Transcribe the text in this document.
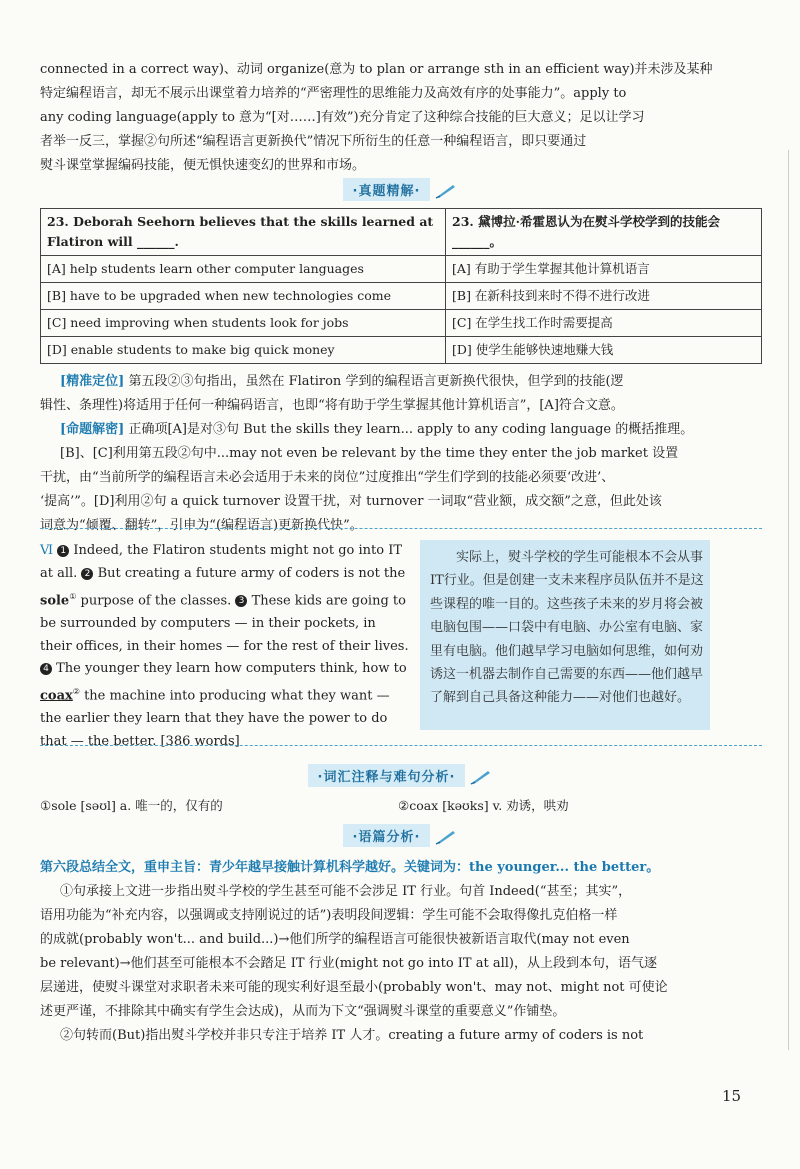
connected in a correct way)、动词 organize(意为 to plan or arrange sth in an efficient way)并未涉及某种

特定编程语言，却无不展示出课堂着力培养的“严密理性的思维能力及高效有序的处事能力”。apply to

any coding language(apply to 意为“[对……]有效”)充分肯定了这种综合技能的巨大意义；足以让学习

者举一反三，掌握②句所述“编程语言更新换代”情况下所衍生的任意一种编程语言，即只要通过

熨斗课堂掌握编码技能，便无惧快速变幻的世界和市场。

·真题精解·
23. Deborah Seehorn believes that the skills learned at Flatiron will ______.	23. 黛博拉·希霍恩认为在熨斗学校学到的技能会______。
[A] help students learn other computer languages	[A] 有助于学生掌握其他计算机语言
[B] have to be upgraded when new technologies come	[B] 在新科技到来时不得不进行改进
[C] need improving when students look for jobs	[C] 在学生找工作时需要提高
[D] enable students to make big quick money	[D] 使学生能够快速地赚大钱

[精准定位] 第五段②③句指出，虽然在 Flatiron 学到的编程语言更新换代很快，但学到的技能(逻

辑性、条理性)将适用于任何一种编码语言，也即“将有助于学生掌握其他计算机语言”，[A]符合文意。

[命题解密] 正确项[A]是对③句 But the skills they learn... apply to any coding language 的概括推理。

[B]、[C]利用第五段②句中...may not even be relevant by the time they enter the job market 设置

干扰，由“当前所学的编程语言未必会适用于未来的岗位”过度推出“学生们学到的技能必须要‘改进’、

‘提高’”。[D]利用②句 a quick turnover 设置干扰，对 turnover 一词取“营业额，成交额”之意，但此处该

词意为“倾覆、翻转”，引申为“(编程语言)更新换代快”。

Ⅵ 1 Indeed, the Flatiron students might not go into IT at all. 2 But creating a future army of coders is not the sole① purpose of the classes. 3 These kids are going to be surrounded by computers — in their pockets, in their offices, in their homes — for the rest of their lives. 4 The younger they learn how computers think, how to coax② the machine into producing what they want — the earlier they learn that they have the power to do that — the better. [386 words]
实际上，熨斗学校的学生可能根本不会从事IT行业。但是创建一支未来程序员队伍并不是这些课程的唯一目的。这些孩子未来的岁月将会被电脑包围——口袋中有电脑、办公室有电脑、家里有电脑。他们越早学习电脑如何思维，如何劝诱这一机器去制作自己需要的东西——他们越早了解到自己具备这种能力——对他们也越好。
·词汇注释与难句分析·
①sole [səʊl] a. 唯一的，仅有的	②coax [kəʊks] v. 劝诱，哄劝
·语篇分析·

第六段总结全文，重申主旨：青少年越早接触计算机科学越好。关键词为：the younger... the better。

①句承接上文进一步指出熨斗学校的学生甚至可能不会涉足 IT 行业。句首 Indeed(“甚至；其实”，

语用功能为“补充内容，以强调或支持刚说过的话”)表明段间逻辑：学生可能不会取得像扎克伯格一样

的成就(probably won't... and build...)→他们所学的编程语言可能很快被新语言取代(may not even

be relevant)→他们甚至可能根本不会踏足 IT 行业(might not go into IT at all)，从上段到本句，语气逐

层递进，使熨斗课堂对求职者未来可能的现实利好退至最小(probably won't、may not、might not 可使论

述更严谨，不排除其中确实有学生会达成)，从而为下文“强调熨斗课堂的重要意义”作铺垫。

②句转而(But)指出熨斗学校并非只专注于培养 IT 人才。creating a future army of coders is not

15
